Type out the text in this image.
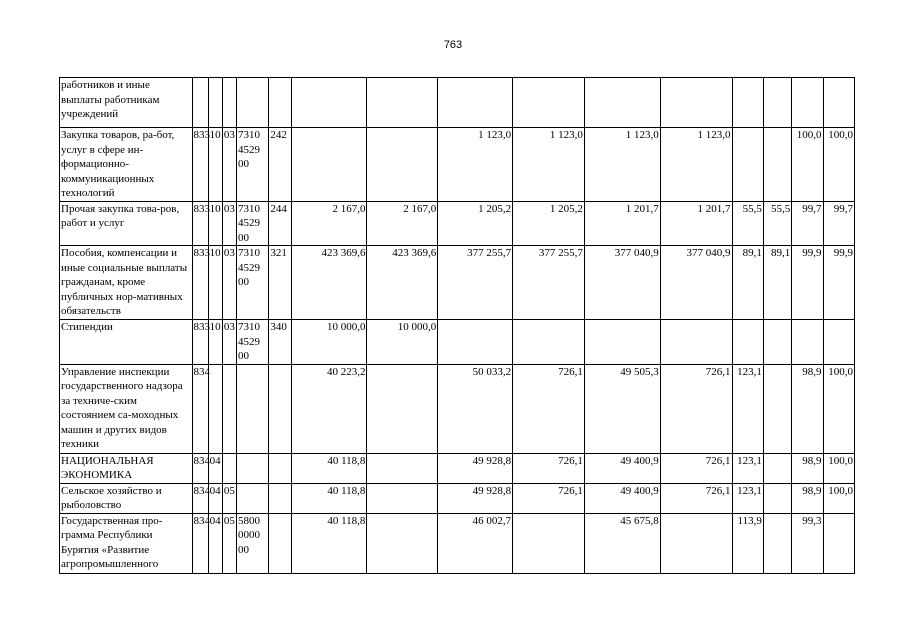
763
работников и иные выплаты работникам учреждений															
Закупка товаров, ра-бот, услуг в сфере ин-формационно-коммуникационных технологий	833	10	03	7310 4529 00	242			1 123,0	1 123,0	1 123,0	1 123,0			100,0	100,0
Прочая закупка това-ров, работ и услуг	833	10	03	7310 4529 00	244	2 167,0	2 167,0	1 205,2	1 205,2	1 201,7	1 201,7	55,5	55,5	99,7	99,7
Пособия, компенсации и иные социальные выплаты гражданам, кроме публичных нор-мативных обязательств	833	10	03	7310 4529 00	321	423 369,6	423 369,6	377 255,7	377 255,7	377 040,9	377 040,9	89,1	89,1	99,9	99,9
Стипендии	833	10	03	7310 4529 00	340	10 000,0	10 000,0								
Управление инспекции государственного надзора за техниче-ским состоянием са-моходных машин и других видов техники	834					40 223,2		50 033,2	726,1	49 505,3	726,1	123,1		98,9	100,0
НАЦИОНАЛЬНАЯ ЭКОНОМИКА	834	04				40 118,8		49 928,8	726,1	49 400,9	726,1	123,1		98,9	100,0
Сельское хозяйство и рыболовство	834	04	05			40 118,8		49 928,8	726,1	49 400,9	726,1	123,1		98,9	100,0
Государственная про-грамма Республики Бурятия «Развитие агропромышленного	834	04	05	5800 0000 00		40 118,8		46 002,7		45 675,8		113,9		99,3	
